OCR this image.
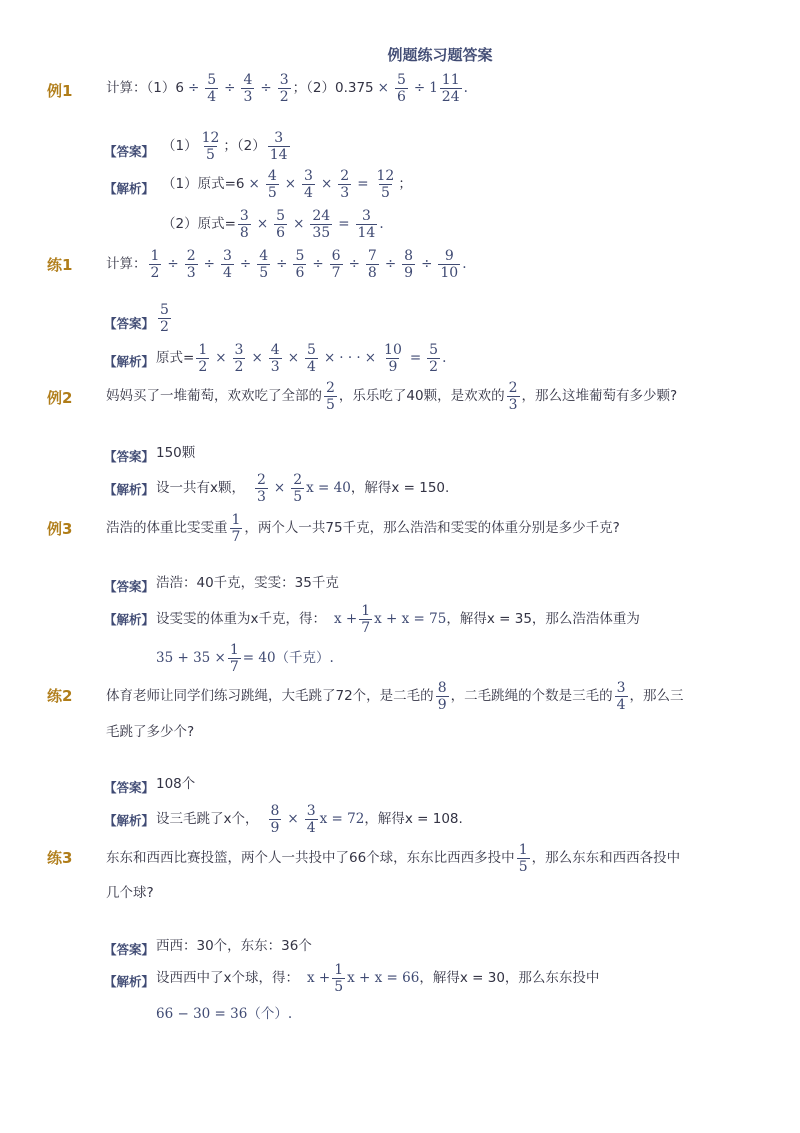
例题练习题答案
例1 计算：$(1)6 \div \frac{5}{4} \div \frac{4}{3} \div \frac{3}{2}$ ；$(2)0.375 \times \frac{5}{6} \div 1 \frac{11}{24}$ .
【答案】 $(1) \frac{12}{5}$ ；$(2) \frac{3}{14}$
【解析】 （1）原式$=6 \times \frac{4}{5} \times \frac{3}{4} \times \frac{2}{3} = \frac{12}{5}$ ；
（2）原式= $\frac{3}{8} \times \frac{5}{6} \times \frac{24}{35} = \frac{3}{14}$ .
练1 计算： $\frac{1}{2} \div \frac{2}{3} \div \frac{3}{4} \div \frac{4}{5} \div \frac{5}{6} \div \frac{6}{7} \div \frac{7}{8} \div \frac{8}{9} \div \frac{9}{10}$ .
【答案】 $\frac{5}{2}$
【解析】 原式= $\frac{1}{2} \times \frac{3}{2} \times \frac{4}{3} \times \frac{5}{4}$ × · · · × $\frac{10}{9} = \frac{5}{2}$ .
例2 妈妈买了一堆葡萄，欢欢吃了全部的 $\frac{2}{5}$ ，乐乐吃了40颗，是欢欢的 $\frac{2}{3}$ ，那么这堆葡萄有多少颗?
【答案】 150颗
【解析】 设一共有x颗， $\frac{2}{3} \times \frac{2}{5}$ x = 40 ，解得x = 150.
例3 浩浩的体重比雯雯重 $\frac{1}{7}$ ，两个人一共75千克，那么浩浩和雯雯的体重分别是多少千克?
【答案】 浩浩：40千克，雯雯：35千克
【解析】 设雯雯的体重为x千克，得： $x + \frac{1}{7}$ x + x = 75 ，解得x = 35，那么浩浩体重为
$35 + 35 \times \frac{1}{7} = 40$（千克）.
练2 体育老师让同学们练习跳绳，大毛跳了72个，是二毛的 $\frac{8}{9}$ ，二毛跳绳的个数是三毛的 $\frac{3}{4}$ ，那么三
毛跳了多少个?
【答案】 108个
【解析】 设三毛跳了x个， $\frac{8}{9} \times \frac{3}{4}$ x = 72 ，解得x = 108.
练3 东东和西西比赛投篮，两个人一共投中了66个球，东东比西西多投中 $\frac{1}{5}$ ，那么东东和西西各投中
几个球?
【答案】 西西：30个，东东：36个
【解析】 设西西中了x个球，得： $x + \frac{1}{5}$ x + x = 66 ，解得x = 30，那么东东投中
66 − 30 = 36（个）.
